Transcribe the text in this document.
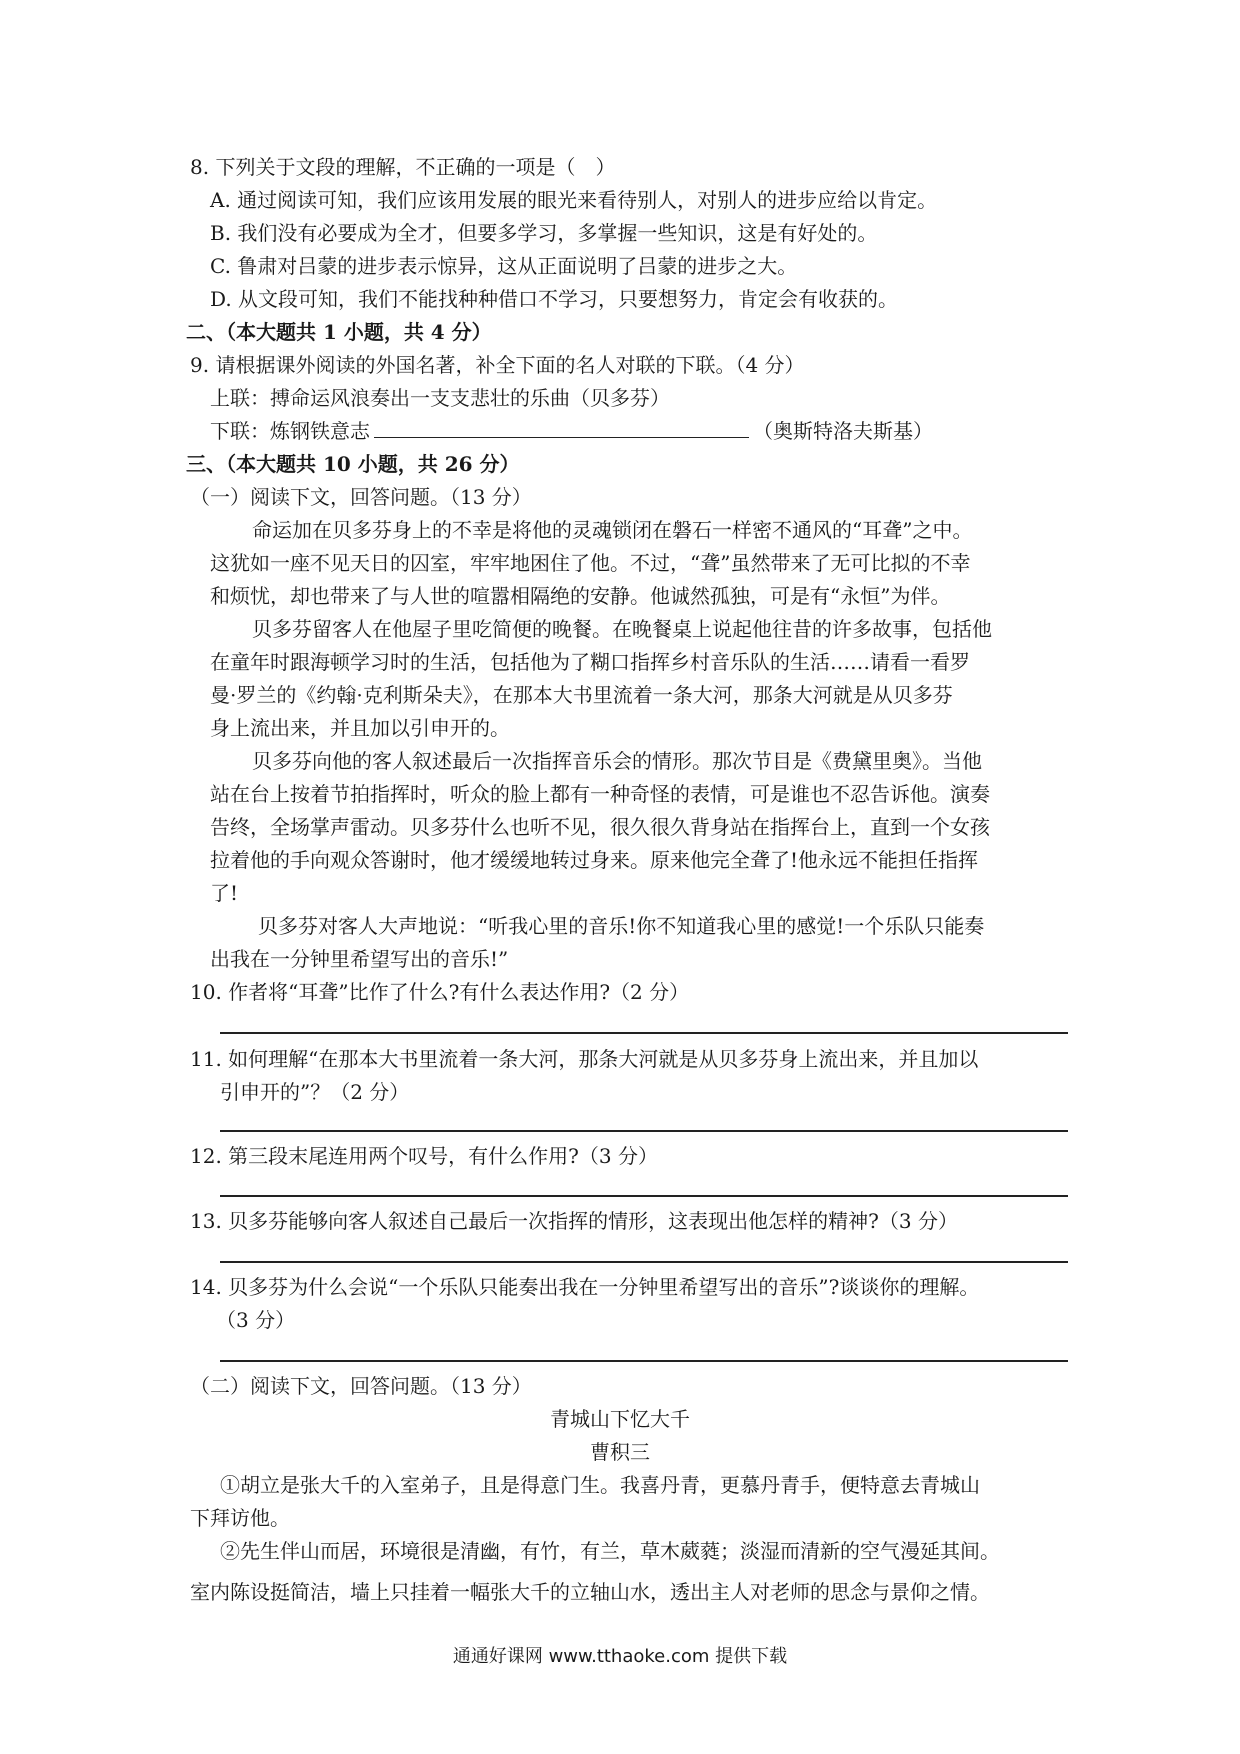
8. 下列关于文段的理解，不正确的一项是（　）
A. 通过阅读可知，我们应该用发展的眼光来看待别人，对别人的进步应给以肯定。
B. 我们没有必要成为全才，但要多学习，多掌握一些知识，这是有好处的。
C. 鲁肃对吕蒙的进步表示惊异，这从正面说明了吕蒙的进步之大。
D. 从文段可知，我们不能找种种借口不学习，只要想努力，肯定会有收获的。
二、（本大题共 1 小题，共 4 分）
9. 请根据课外阅读的外国名著，补全下面的名人对联的下联。（4 分）
上联：搏命运风浪奏出一支支悲壮的乐曲（贝多芬）
下联：炼钢铁意志	（奥斯特洛夫斯基）
三、（本大题共 10 小题，共 26 分）
（一）阅读下文，回答问题。（13 分）
命运加在贝多芬身上的不幸是将他的灵魂锁闭在磐石一样密不通风的“耳聋”之中。
这犹如一座不见天日的囚室，牢牢地困住了他。不过，“聋”虽然带来了无可比拟的不幸
和烦忧，却也带来了与人世的喧嚣相隔绝的安静。他诚然孤独，可是有“永恒”为伴。
贝多芬留客人在他屋子里吃简便的晚餐。在晚餐桌上说起他往昔的许多故事，包括他
在童年时跟海顿学习时的生活，包括他为了糊口指挥乡村音乐队的生活……请看一看罗
曼·罗兰的《约翰·克利斯朵夫》，在那本大书里流着一条大河，那条大河就是从贝多芬
身上流出来，并且加以引申开的。
贝多芬向他的客人叙述最后一次指挥音乐会的情形。那次节目是《费黛里奥》。当他
站在台上按着节拍指挥时，听众的脸上都有一种奇怪的表情，可是谁也不忍告诉他。演奏
告终，全场掌声雷动。贝多芬什么也听不见，很久很久背身站在指挥台上，直到一个女孩
拉着他的手向观众答谢时，他才缓缓地转过身来。原来他完全聋了!他永远不能担任指挥
了!
贝多芬对客人大声地说：“听我心里的音乐!你不知道我心里的感觉!一个乐队只能奏
出我在一分钟里希望写出的音乐!”
10. 作者将“耳聋”比作了什么?有什么表达作用?（2 分）
11. 如何理解“在那本大书里流着一条大河，那条大河就是从贝多芬身上流出来，并且加以
引申开的”？（2 分）
12. 第三段末尾连用两个叹号，有什么作用?（3 分）
13. 贝多芬能够向客人叙述自己最后一次指挥的情形，这表现出他怎样的精神?（3 分）
14. 贝多芬为什么会说“一个乐队只能奏出我在一分钟里希望写出的音乐”?谈谈你的理解。
（3 分）
（二）阅读下文，回答问题。（13 分）
青城山下忆大千
曹积三
①胡立是张大千的入室弟子，且是得意门生。我喜丹青，更慕丹青手，便特意去青城山
下拜访他。
②先生伴山而居，环境很是清幽，有竹，有兰，草木葳蕤；淡湿而清新的空气漫延其间。
室内陈设挺简洁，墙上只挂着一幅张大千的立轴山水，透出主人对老师的思念与景仰之情。
通通好课网 www.tthaoke.com 提供下载
